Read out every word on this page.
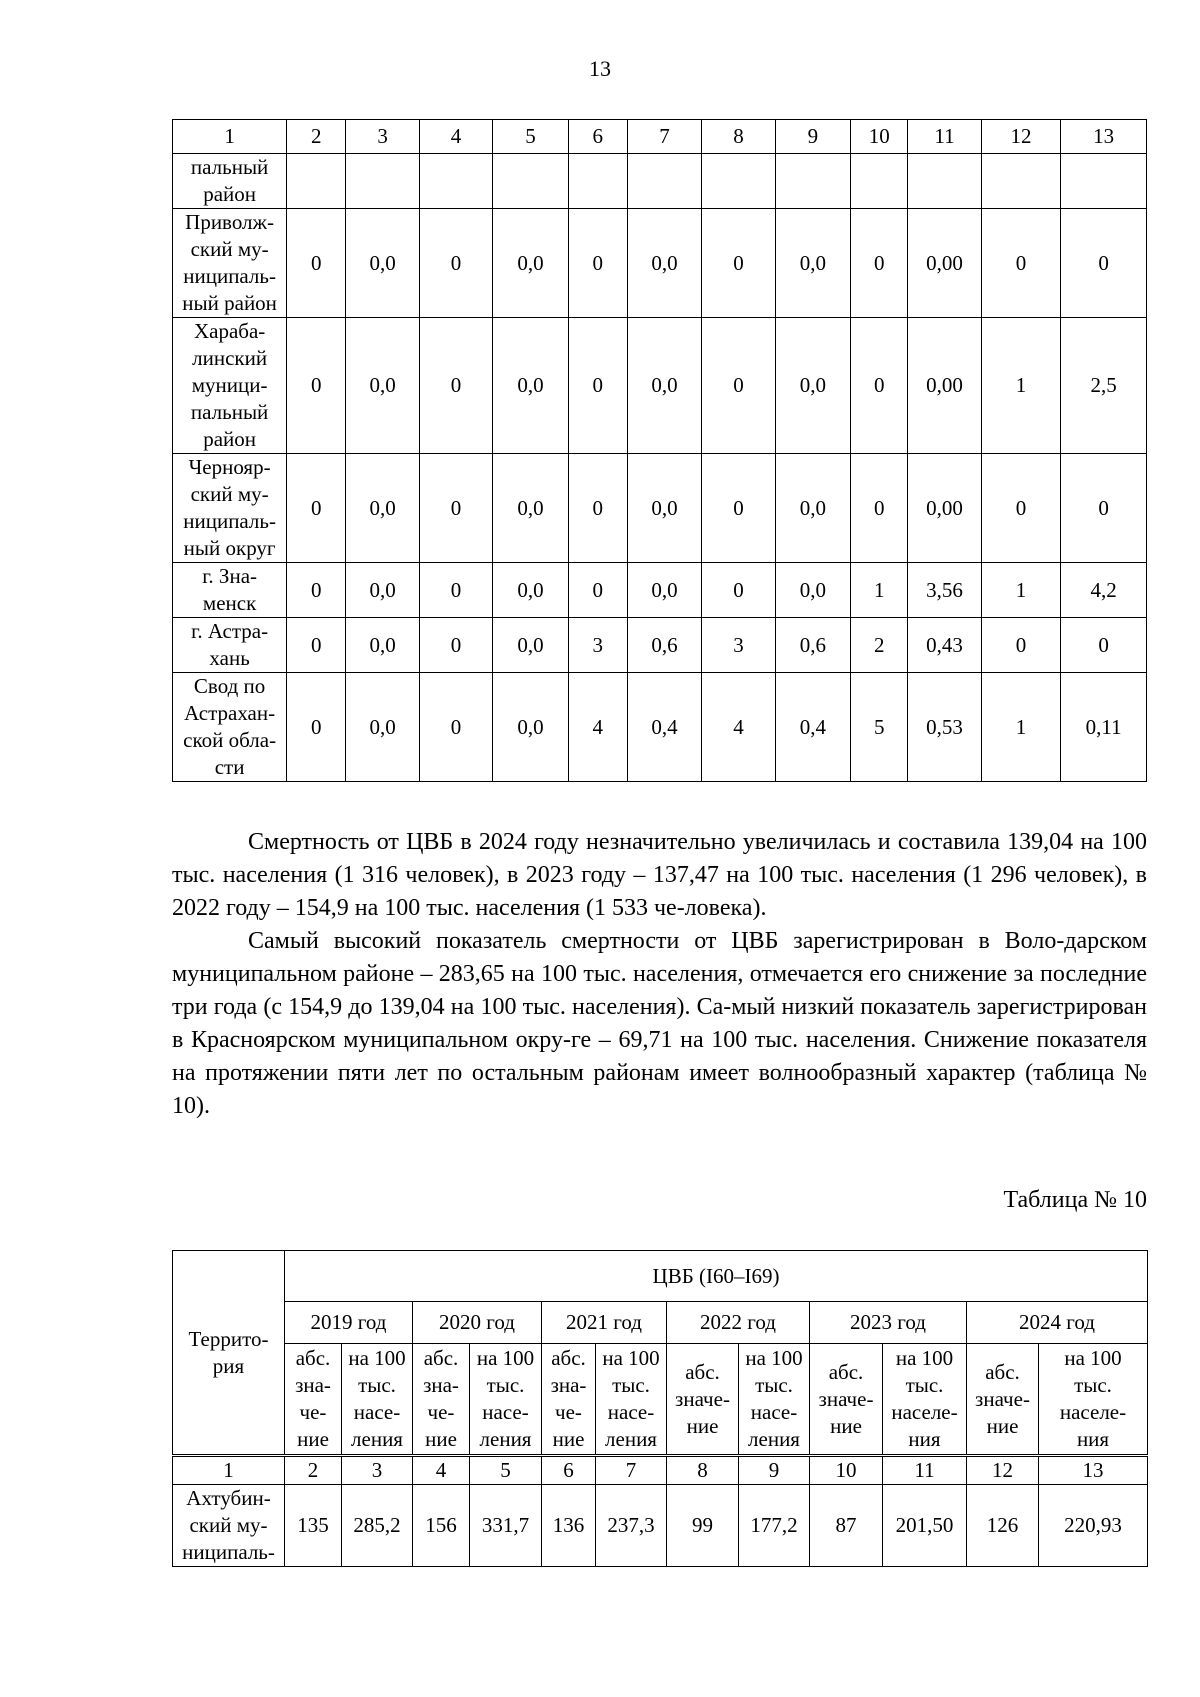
13
1	2	3	4	5	6	7	8	9	10	11	12	13
пальный
район												
Приволж-
ский му-
ниципаль-
ный район	0	0,0	0	0,0	0	0,0	0	0,0	0	0,00	0	0
Хараба-
линский
муници-
пальный
район	0	0,0	0	0,0	0	0,0	0	0,0	0	0,00	1	2,5
Чернояр-
ский му-
ниципаль-
ный округ	0	0,0	0	0,0	0	0,0	0	0,0	0	0,00	0	0
г. Зна-
менск	0	0,0	0	0,0	0	0,0	0	0,0	1	3,56	1	4,2
г. Астра-
хань	0	0,0	0	0,0	3	0,6	3	0,6	2	0,43	0	0
Свод по
Астрахан-
ской обла-
сти	0	0,0	0	0,0	4	0,4	4	0,4	5	0,53	1	0,11

Смертность от ЦВБ в 2024 году незначительно увеличилась и составила 139,04 на 100 тыс. населения (1 316 человек), в 2023 году – 137,47 на 100 тыс. населения (1 296 человек), в 2022 году – 154,9 на 100 тыс. населения (1 533 че-ловека).

Самый высокий показатель смертности от ЦВБ зарегистрирован в Воло-дарском муниципальном районе – 283,65 на 100 тыс. населения, отмечается его снижение за последние три года (с 154,9 до 139,04 на 100 тыс. населения). Са-мый низкий показатель зарегистрирован в Красноярском муниципальном окру-ге – 69,71 на 100 тыс. населения. Снижение показателя на протяжении пяти лет по остальным районам имеет волнообразный характер (таблица № 10).

Таблица № 10
Террито-
рия	ЦВБ (I60–I69)											
	2019 год		2020 год		2021 год		2022 год		2023 год		2024 год	
	абс.
зна-
че-
ние	на 100
тыс.
насе-
ления	абс.
зна-
че-
ние	на 100
тыс.
насе-
ления	абс.
зна-
че-
ние	на 100
тыс.
насе-
ления	абс.
значе-
ние	на 100
тыс.
насе-
ления	абс.
значе-
ние	на 100
тыс.
населе-
ния	абс.
значе-
ние	на 100
тыс.
населе-
ния
1	2	3	4	5	6	7	8	9	10	11	12	13
Ахтубин-
ский му-
ниципаль-	135	285,2	156	331,7	136	237,3	99	177,2	87	201,50	126	220,93
